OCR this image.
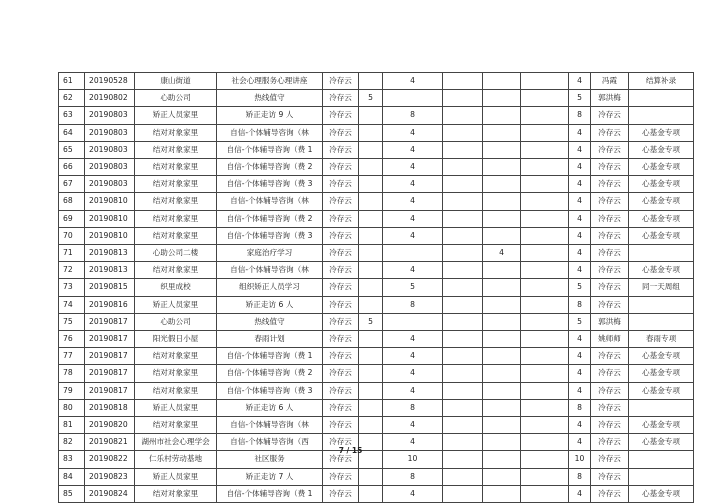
61	20190528	康山街道	社会心理服务心理讲座	冷存云		4				4	冯霞	结算补录
62	20190802	心助公司	热线值守	冷存云	5					5	郭洪梅	
63	20190803	矫正人员家里	矫正走访 9 人	冷存云		8				8	冷存云	
64	20190803	结对对象家里	自信-个体辅导咨询（林	冷存云		4				4	冷存云	心基金专项
65	20190803	结对对象家里	自信-个体辅导咨询（费 1	冷存云		4				4	冷存云	心基金专项
66	20190803	结对对象家里	自信-个体辅导咨询（费 2	冷存云		4				4	冷存云	心基金专项
67	20190803	结对对象家里	自信-个体辅导咨询（费 3	冷存云		4				4	冷存云	心基金专项
68	20190810	结对对象家里	自信-个体辅导咨询（林	冷存云		4				4	冷存云	心基金专项
69	20190810	结对对象家里	自信-个体辅导咨询（费 2	冷存云		4				4	冷存云	心基金专项
70	20190810	结对对象家里	自信-个体辅导咨询（费 3	冷存云		4				4	冷存云	心基金专项
71	20190813	心助公司二楼	家庭治疗学习	冷存云				4		4	冷存云	
72	20190813	结对对象家里	自信-个体辅导咨询（林	冷存云		4				4	冷存云	心基金专项
73	20190815	织里成校	组织矫正人员学习	冷存云		5				5	冷存云	同一天周组
74	20190816	矫正人员家里	矫正走访 6 人	冷存云		8				8	冷存云	
75	20190817	心助公司	热线值守	冷存云	5					5	郭洪梅	
76	20190817	阳光假日小屋	春雨计划	冷存云		4				4	姚师师	春雨专项
77	20190817	结对对象家里	自信-个体辅导咨询（费 1	冷存云		4				4	冷存云	心基金专项
78	20190817	结对对象家里	自信-个体辅导咨询（费 2	冷存云		4				4	冷存云	心基金专项
79	20190817	结对对象家里	自信-个体辅导咨询（费 3	冷存云		4				4	冷存云	心基金专项
80	20190818	矫正人员家里	矫正走访 6 人	冷存云		8				8	冷存云	
81	20190820	结对对象家里	自信-个体辅导咨询（林	冷存云		4				4	冷存云	心基金专项
82	20190821	湖州市社会心理学会	自信-个体辅导咨询（西	冷存云		4				4	冷存云	心基金专项
83	20190822	仁乐村劳动基地	社区服务	冷存云		10				10	冷存云	
84	20190823	矫正人员家里	矫正走访 7 人	冷存云		8				8	冷存云	
85	20190824	结对对象家里	自信-个体辅导咨询（费 1	冷存云		4				4	冷存云	心基金专项
7 / 15
